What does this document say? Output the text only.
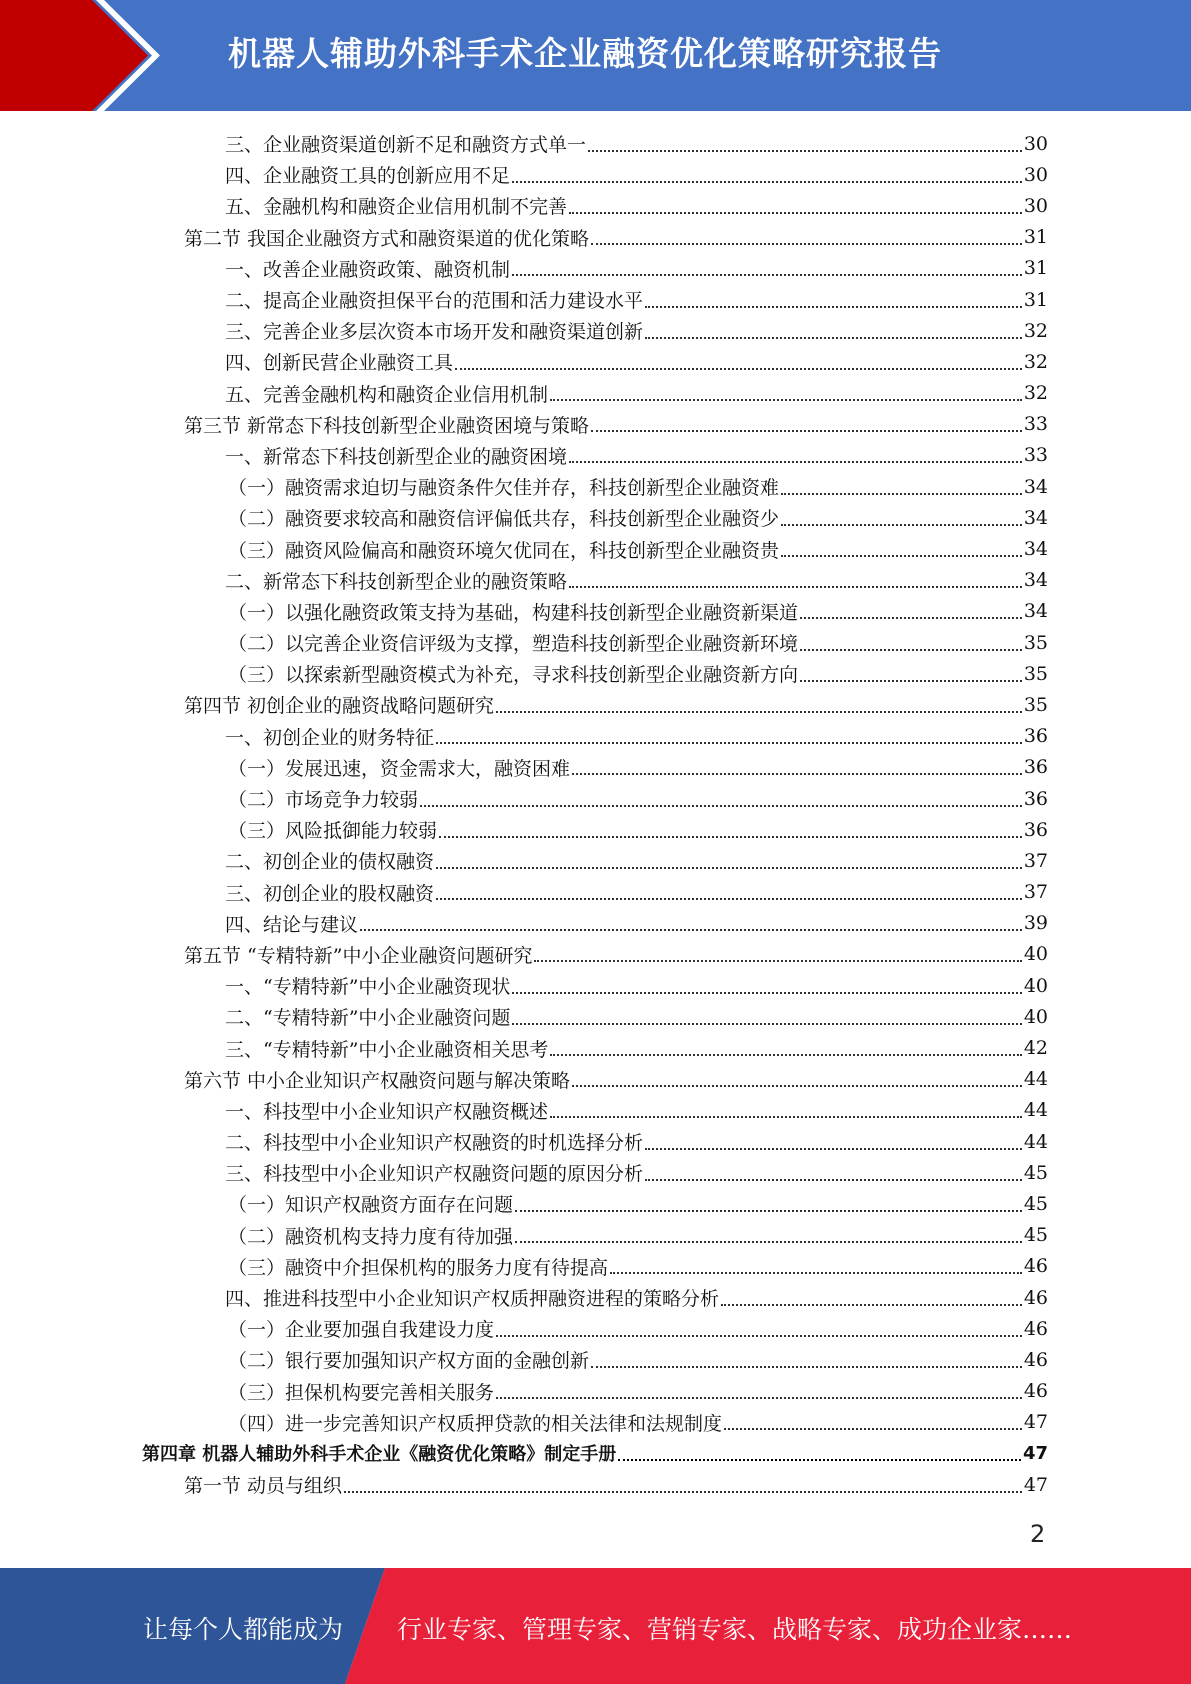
机器人辅助外科手术企业融资优化策略研究报告
三、企业融资渠道创新不足和融资方式单一	30
四、企业融资工具的创新应用不足	30
五、金融机构和融资企业信用机制不完善	30
第二节 我国企业融资方式和融资渠道的优化策略	31
一、改善企业融资政策、融资机制	31
二、提高企业融资担保平台的范围和活力建设水平	31
三、完善企业多层次资本市场开发和融资渠道创新	32
四、创新民营企业融资工具	32
五、完善金融机构和融资企业信用机制	32
第三节 新常态下科技创新型企业融资困境与策略	33
一、新常态下科技创新型企业的融资困境	33
（一）融资需求迫切与融资条件欠佳并存，科技创新型企业融资难	34
（二）融资要求较高和融资信评偏低共存，科技创新型企业融资少	34
（三）融资风险偏高和融资环境欠优同在，科技创新型企业融资贵	34
二、新常态下科技创新型企业的融资策略	34
（一）以强化融资政策支持为基础，构建科技创新型企业融资新渠道	34
（二）以完善企业资信评级为支撑，塑造科技创新型企业融资新环境	35
（三）以探索新型融资模式为补充，寻求科技创新型企业融资新方向	35
第四节 初创企业的融资战略问题研究	35
一、初创企业的财务特征	36
（一）发展迅速，资金需求大，融资困难	36
（二）市场竞争力较弱	36
（三）风险抵御能力较弱	36
二、初创企业的债权融资	37
三、初创企业的股权融资	37
四、结论与建议	39
第五节 “专精特新”中小企业融资问题研究	40
一、“专精特新”中小企业融资现状	40
二、“专精特新”中小企业融资问题	40
三、“专精特新”中小企业融资相关思考	42
第六节 中小企业知识产权融资问题与解决策略	44
一、科技型中小企业知识产权融资概述	44
二、科技型中小企业知识产权融资的时机选择分析	44
三、科技型中小企业知识产权融资问题的原因分析	45
（一）知识产权融资方面存在问题	45
（二）融资机构支持力度有待加强	45
（三）融资中介担保机构的服务力度有待提高	46
四、推进科技型中小企业知识产权质押融资进程的策略分析	46
（一）企业要加强自我建设力度	46
（二）银行要加强知识产权方面的金融创新	46
（三）担保机构要完善相关服务	46
（四）进一步完善知识产权质押贷款的相关法律和法规制度	47
第四章 机器人辅助外科手术企业《融资优化策略》制定手册	47
第一节 动员与组织	47
2
让每个人都能成为 行业专家、管理专家、营销专家、战略专家、成功企业家……
